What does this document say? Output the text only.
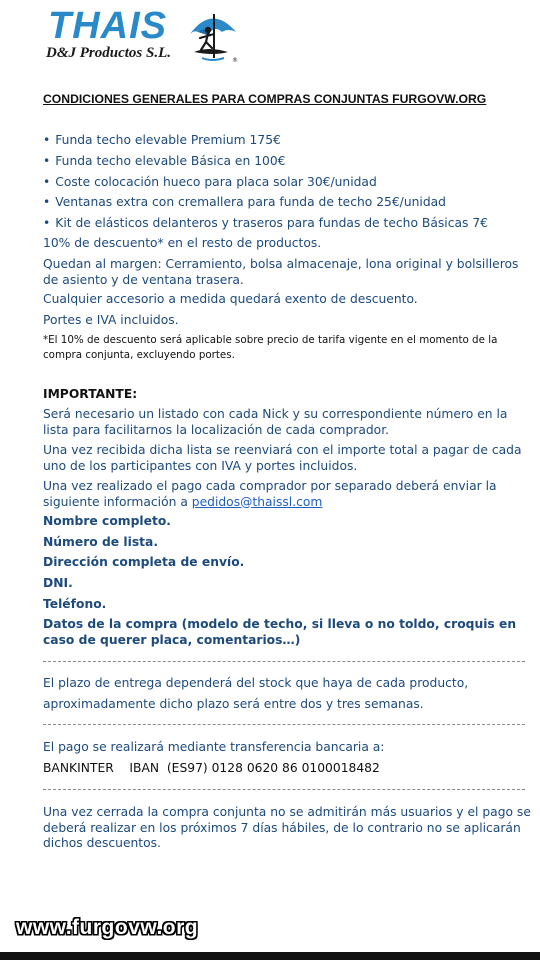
THAIS
D&J Productos S.L.	®
CONDICIONES GENERALES PARA COMPRAS CONJUNTAS FURGOVW.ORG
• Funda techo elevable Premium 175€
• Funda techo elevable Básica en 100€
• Coste colocación hueco para placa solar 30€/unidad
• Ventanas extra con cremallera para funda de techo 25€/unidad
• Kit de elásticos delanteros y traseros para fundas de techo Básicas 7€
10% de descuento* en el resto de productos.
Quedan al margen: Cerramiento, bolsa almacenaje, lona original y bolsilleros de asiento y de ventana trasera.
Cualquier accesorio a medida quedará exento de descuento.
Portes e IVA incluidos.
*El 10% de descuento será aplicable sobre precio de tarifa vigente en el momento de la compra conjunta, excluyendo portes.
IMPORTANTE:
Será necesario un listado con cada Nick y su correspondiente número en la lista para facilitarnos la localización de cada comprador.
Una vez recibida dicha lista se reenviará con el importe total a pagar de cada uno de los participantes con IVA y portes incluidos.
Una vez realizado el pago cada comprador por separado deberá enviar la siguiente información a pedidos@thaissl.com
Nombre completo.
Número de lista.
Dirección completa de envío.
DNI.
Teléfono.
Datos de la compra (modelo de techo, si lleva o no toldo, croquis en caso de querer placa, comentarios…)
El plazo de entrega dependerá del stock que haya de cada producto,
aproximadamente dicho plazo será entre dos y tres semanas.
El pago se realizará mediante transferencia bancaria a:
BANKINTER    IBAN  (ES97) 0128 0620 86 0100018482
Una vez cerrada la compra conjunta no se admitirán más usuarios y el pago se deberá realizar en los próximos 7 días hábiles, de lo contrario no se aplicarán dichos descuentos.
www.furgovw.org
